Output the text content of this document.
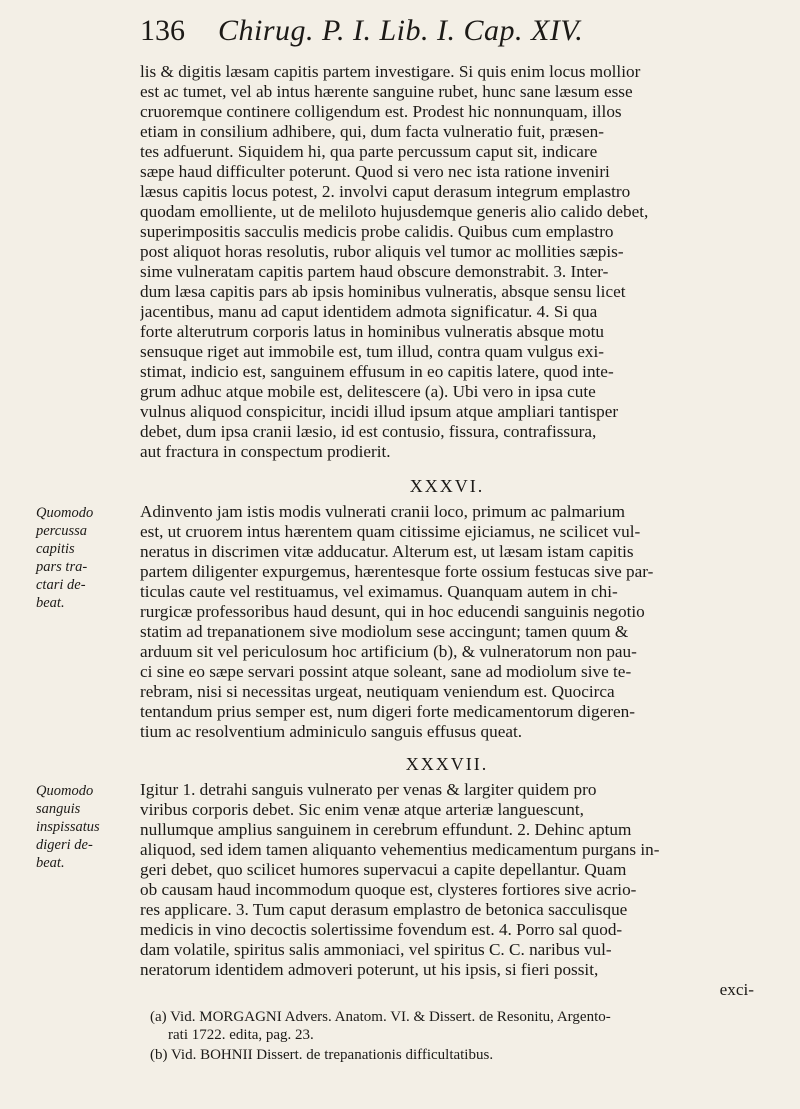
136 Chirug. P. I. Lib. I. Cap. XIV.
lis & digitis læsam capitis partem investigare. Si quis enim locus mollior
est ac tumet, vel ab intus hærente sanguine rubet, hunc sane læsum esse
cruoremque continere colligendum est. Prodest hic nonnunquam, illos
etiam in consilium adhibere, qui, dum facta vulneratio fuit, præsen-
tes adfuerunt. Siquidem hi, qua parte percussum caput sit, indicare
sæpe haud difficulter poterunt. Quod si vero nec ista ratione inveniri
læsus capitis locus potest, 2. involvi caput derasum integrum emplastro
quodam emolliente, ut de meliloto hujusdemque generis alio calido debet,
superimpositis sacculis medicis probe calidis. Quibus cum emplastro
post aliquot horas resolutis, rubor aliquis vel tumor ac mollities sæpis-
sime vulneratam capitis partem haud obscure demonstrabit. 3. Inter-
dum læsa capitis pars ab ipsis hominibus vulneratis, absque sensu licet
jacentibus, manu ad caput identidem admota significatur. 4. Si qua
forte alterutrum corporis latus in hominibus vulneratis absque motu
sensuque riget aut immobile est, tum illud, contra quam vulgus exi-
stimat, indicio est, sanguinem effusum in eo capitis latere, quod inte-
grum adhuc atque mobile est, delitescere (a). Ubi vero in ipsa cute
vulnus aliquod conspicitur, incidi illud ipsum atque ampliari tantisper
debet, dum ipsa cranii læsio, id est contusio, fissura, contrafissura,
aut fractura in conspectum prodierit.
XXXVI.
Quomodo
percussa
capitis
pars tra-
ctari de-
beat.
Adinvento jam istis modis vulnerati cranii loco, primum ac palmarium
est, ut cruorem intus hærentem quam citissime ejiciamus, ne scilicet vul-
neratus in discrimen vitæ adducatur. Alterum est, ut læsam istam capitis
partem diligenter expurgemus, hærentesque forte ossium festucas sive par-
ticulas caute vel restituamus, vel eximamus. Quanquam autem in chi-
rurgicæ professoribus haud desunt, qui in hoc educendi sanguinis negotio
statim ad trepanationem sive modiolum sese accingunt; tamen quum &
arduum sit vel periculosum hoc artificium (b), & vulneratorum non pau-
ci sine eo sæpe servari possint atque soleant, sane ad modiolum sive te-
rebram, nisi si necessitas urgeat, neutiquam veniendum est. Quocirca
tentandum prius semper est, num digeri forte medicamentorum digeren-
tium ac resolventium adminiculo sanguis effusus queat.
XXXVII.
Quomodo
sanguis
inspissatus
digeri de-
beat.
Igitur 1. detrahi sanguis vulnerato per venas & largiter quidem pro
viribus corporis debet. Sic enim venæ atque arteriæ languescunt,
nullumque amplius sanguinem in cerebrum effundunt. 2. Dehinc aptum
aliquod, sed idem tamen aliquanto vehementius medicamentum purgans in-
geri debet, quo scilicet humores supervacui a capite depellantur. Quam
ob causam haud incommodum quoque est, clysteres fortiores sive acrio-
res applicare. 3. Tum caput derasum emplastro de betonica sacculisque
medicis in vino decoctis solertissime fovendum est. 4. Porro sal quod-
dam volatile, spiritus salis ammoniaci, vel spiritus C. C. naribus vul-
neratorum identidem admoveri poterunt, ut his ipsis, si fieri possit,
exci-
(a) Vid. MORGAGNI Advers. Anatom. VI. & Dissert. de Resonitu, Argento-
rati 1722. edita, pag. 23.
(b) Vid. BOHNII Dissert. de trepanationis difficultatibus.
